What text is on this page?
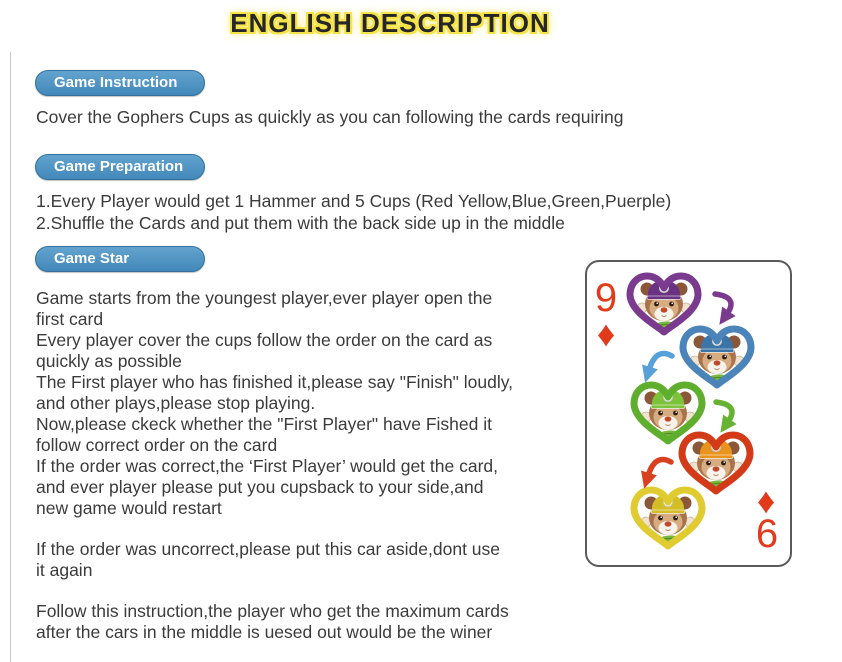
ENGLISH DESCRIPTION
Game Instruction
Cover the Gophers Cups as quickly as you can following the cards requiring
Game Preparation
1.Every Player would get 1 Hammer and 5 Cups (Red Yellow,Blue,Green,Puerple)
2.Shuffle the Cards and put them with the back side up in the middle
Game Star
Game starts from the youngest player,ever player open the
first card
Every player cover the cups follow the order on the card as
quickly as possible
The First player who has finished it,please say "Finish" loudly,
and other plays,please stop playing.
Now,please ckeck whether the "First Player" have Fished it
follow correct order on the card
If the order was correct,the ‘First Player’ would get the card,
and ever player please put you cupsback to your side,and
new game would restart
If the order was uncorrect,please put this car aside,dont use
it again
Follow this instruction,the player who get the maximum cards
after the cars in the middle is uesed out would be the winer
9
♦
♦
6
